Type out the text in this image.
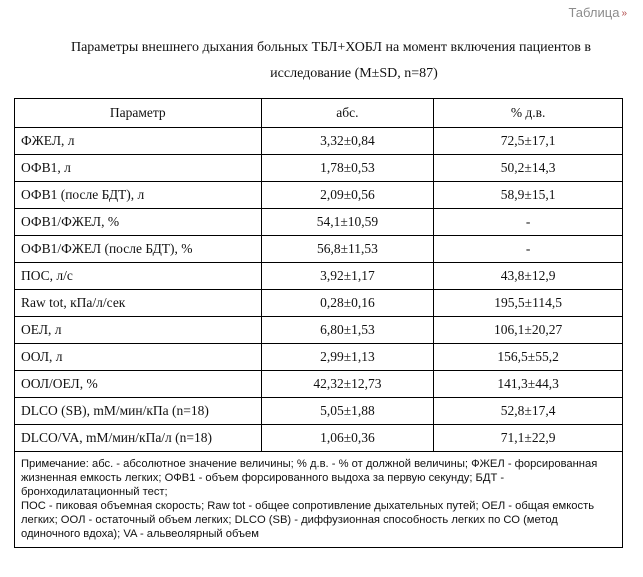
Таблица »
Параметры внешнего дыхания больных ТБЛ+ХОБЛ на момент включения пациентов в
исследование (M±SD, n=87)
Параметр	абс.	% д.в.
ФЖЕЛ, л	3,32±0,84	72,5±17,1
ОФВ1, л	1,78±0,53	50,2±14,3
ОФВ1 (после БДТ), л	2,09±0,56	58,9±15,1
ОФВ1/ФЖЕЛ, %	54,1±10,59	-
ОФВ1/ФЖЕЛ (после БДТ), %	56,8±11,53	-
ПОС, л/с	3,92±1,17	43,8±12,9
Raw tot, кПа/л/сек	0,28±0,16	195,5±114,5
ОЕЛ, л	6,80±1,53	106,1±20,27
ООЛ, л	2,99±1,13	156,5±55,2
ООЛ/ОЕЛ, %	42,32±12,73	141,3±44,3
DLCO (SB), mM/мин/кПа (n=18)	5,05±1,88	52,8±17,4
DLCO/VA, mM/мин/кПа/л (n=18)	1,06±0,36	71,1±22,9

Примечание: абс. - абсолютное значение величины; % д.в. - % от должной величины; ФЖЕЛ - форсированная жизненная емкость легких; ОФВ1 - объем форсированного выдоха за первую секунду; БДТ - бронходилатационный тест;
ПОС - пиковая объемная скорость; Raw tot - общее сопротивление дыхательных путей; ОЕЛ - общая емкость легких; ООЛ - остаточный объем легких; DLCO (SB) - диффузионная способность легких по СО (метод одиночного вдоха); VA - альвеолярный объем		
